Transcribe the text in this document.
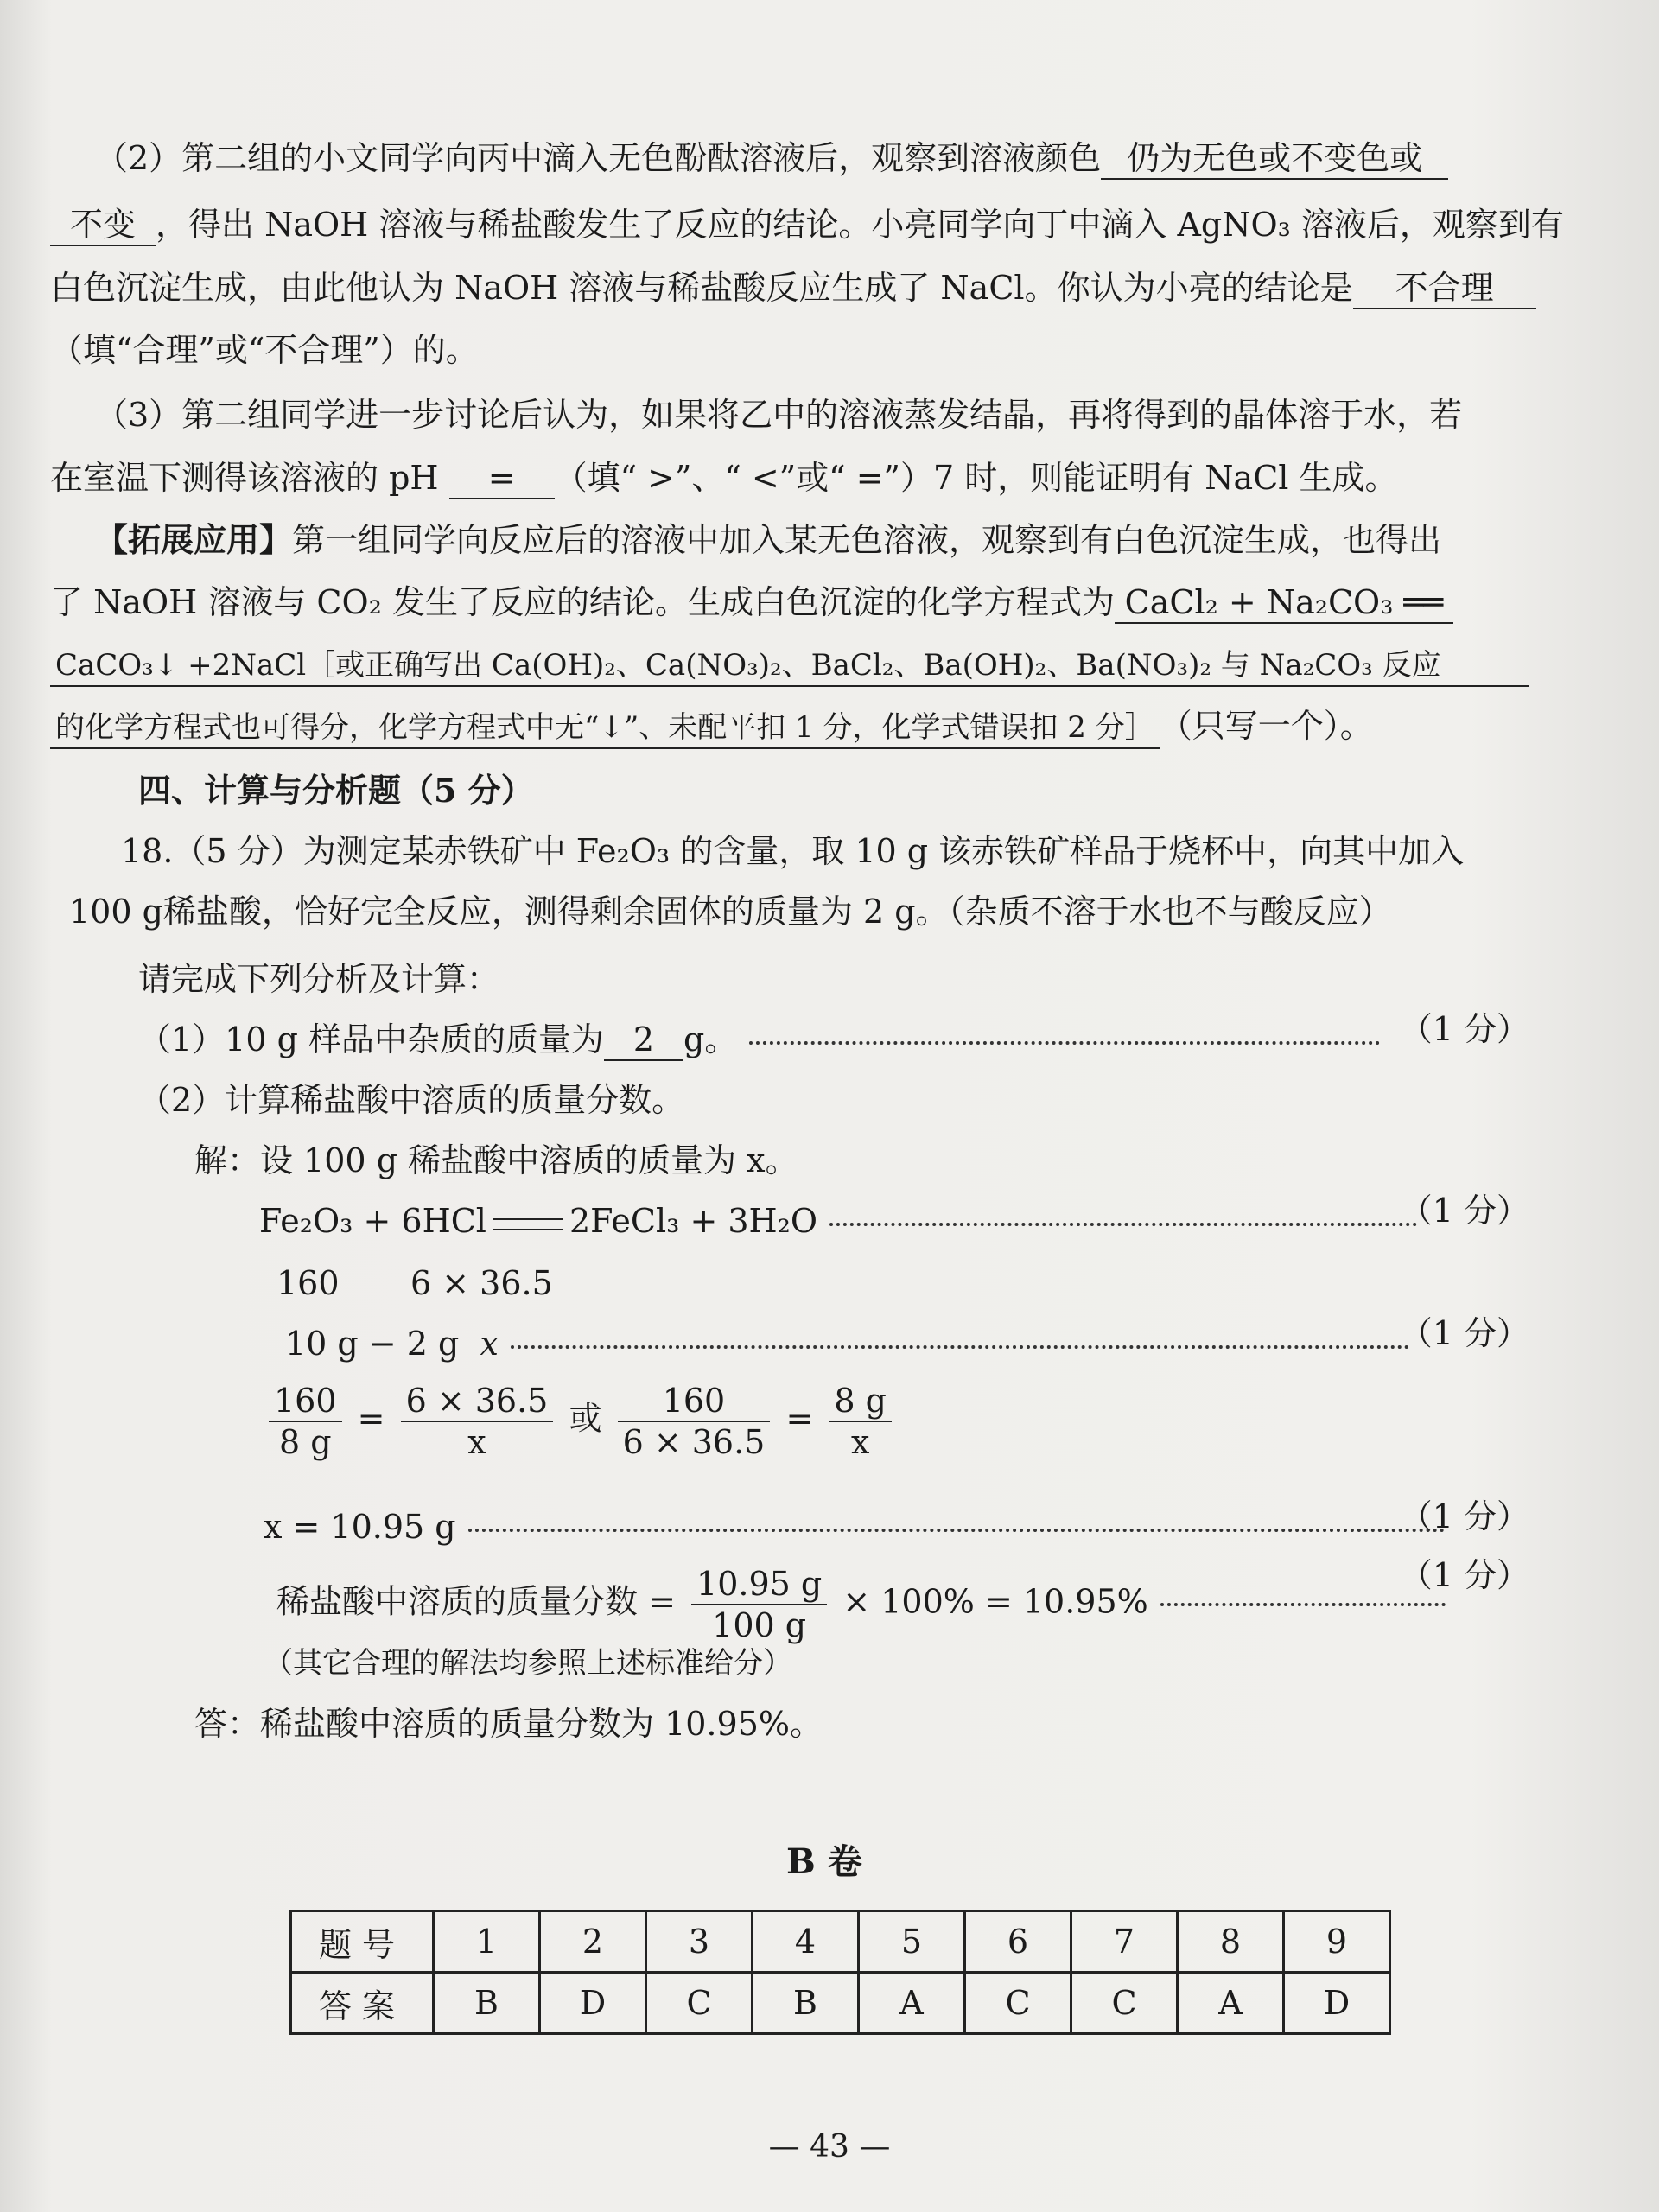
（2）第二组的小文同学向丙中滴入无色酚酞溶液后，观察到溶液颜色 仍为无色或不变色或
不变 ，得出 NaOH 溶液与稀盐酸发生了反应的结论。小亮同学向丁中滴入 AgNO₃ 溶液后，观察到有
白色沉淀生成，由此他认为 NaOH 溶液与稀盐酸反应生成了 NaCl。你认为小亮的结论是 不合理
（填“合理”或“不合理”）的。
（3）第二组同学进一步讨论后认为，如果将乙中的溶液蒸发结晶，再将得到的晶体溶于水，若
在室温下测得该溶液的 pH = （填“ >”、“ <”或“ =”）7 时，则能证明有 NaCl 生成。
【拓展应用】第一组同学向反应后的溶液中加入某无色溶液，观察到有白色沉淀生成，也得出
了 NaOH 溶液与 CO₂ 发生了反应的结论。生成白色沉淀的化学方程式为 CaCl₂ + Na₂CO₃ ══
CaCO₃↓ +2NaCl［或正确写出 Ca(OH)₂、Ca(NO₃)₂、BaCl₂、Ba(OH)₂、Ba(NO₃)₂ 与 Na₂CO₃ 反应
的化学方程式也可得分，化学方程式中无“↓”、未配平扣 1 分，化学式错误扣 2 分］ （只写一个）。
四、计算与分析题（5 分）
18.（5 分）为测定某赤铁矿中 Fe₂O₃ 的含量，取 10 g 该赤铁矿样品于烧杯中，向其中加入
100 g稀盐酸，恰好完全反应，测得剩余固体的质量为 2 g。（杂质不溶于水也不与酸反应）
请完成下列分析及计算：
（1）10 g 样品中杂质的质量为 2 g。	（1 分）
（2）计算稀盐酸中溶质的质量分数。
解：设 100 g 稀盐酸中溶质的质量为 x。
Fe₂O₃ + 6HCl	2FeCl₃ + 3H₂O	（1 分）
160 6 × 36.5
10 g − 2 g x	（1 分）
$\frac{160}{8 g} = \frac{6 \times 36.5}{x}$ 或 $\frac{160}{6 \times 36.5} = \frac{8 g}{x}$
x = 10.95 g	（1 分）
稀盐酸中溶质的质量分数 = $\frac{10.95 g}{100 g} \times 100\% = 10.95\%$
（1 分）
（其它合理的解法均参照上述标准给分）
答：稀盐酸中溶质的质量分数为 10.95%。
B 卷
题号	1	2	3	4	5	6	7	8	9
答案	B	D	C	B	A	C	C	A	D
— 43 —
